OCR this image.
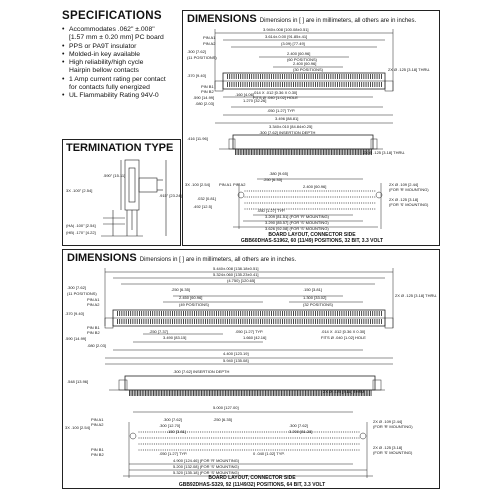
SPECIFICATIONS
• Accommodates .062" ±.008"
[1.57 mm ± 0.20 mm] PC board
• PPS or PA9T insulator
• Molded-in key available
• High reliability/high cycle
Hairpin bellow contacts
• 1 Amp current rating per contact
for contacts fully energized
• UL Flammability Rating 94V-0
TERMINATION TYPE
.590" [15.11]
.915" [23.24]
3X .100" [2.54]
(HA) .100" [2.54]
(HB) .170" [4.22]
DIMENSIONS Dimensions in [ ] are in millimeters, all others are in inches.
3.940±.008 [100.08±0.51]
3.614±.0.00 [91.85±.41]
(3.09) [77.49]
2.400 [60.96]
(60 POSITIONS)
2.400 [60.96]
(30 POSITIONS)
PIN A1
PIN A2
.300 [7.62]
(11 POSITIONS)
.370 [9.40]
PIN B1
PIN B2
.590 [14.99]
.080 [2.03]
.160 [4.06]
1.270 [32.26]
.014 X .012 [0.36 X 0.30]
FITS Ø .040 [1.02] HOLE
.050 [1.27] TYP.
3.496 [88.81]
2X Ø .125 [3.18] THRU.
3.340±.010 [84.84±0.25]
.300 [7.62] INSERTION DEPTH
.416 [11.96]
2X Ø .125 [3.18] THRU.
.380 [9.65]
.250 [6.35]
3X .100 [2.54] PIN A1 PIN A2	2.400 [60.96]	2X Ø .109 [2.44]
(FOR 'R' MOUNTING)
2X Ø .125 [3.18]
(FOR 'S' MOUNTING)
.032 [0.81]
.492 [12.5]
.050 [1.27] TYP.
3.209 [81.51] (FOR 'R' MOUNTING)
3.290 [85.57] (FOR 'S' MOUNTING)
3.626 [92.08] (FOR 'S' MOUNTING)
BOARD LAYOUT, CONNECTOR SIDE
GBB60DHAS-S1962, 60 (11/49) POSITIONS, 32 BIT, 3.3 VOLT
DIMENSIONS Dimensions in [ ] are in millimeters, all others are in inches.
5.440±.008 [138.18±0.51]
5.324±.060 [135.23±0.41]
(4.750) [120.65]
.300 [7.62]
(11 POSITIONS)
.250 [6.35]
2.450 [60.96]
(49 POSITIONS)
.150 [3.81]
1.300 [33.02]
(32 POSITIONS)
2X Ø .125 [3.18] THRU.
PIN A1
PIN A2
.370 [9.40]
PIN B1
PIN B2
.590 [14.99]
.080 [2.03]
.250 [7.37]
3.490 [83.15]
.050 [1.27] TYP.
1.660 [42.16]
.014 X .012 [0.36 X 0.30]
FITS Ø .040 [1.02] HOLE
4.400 [123.19]
5.940 [135.08]
.300 [7.62] INSERTION DEPTH
.548 [13.96]
2X Ø .125 [3.18] THRU.
5.000 [127.00]
.300 [7.62]
.300 [12.70]
.150 [3.81]
3X .100 [2.54]
PIN A1
PIN A2
.250 [6.35]	2X Ø .109 [2.44]
(FOR 'R' MOUNTING)
.300 [7.62]
3.200 [81.28]
2X Ø .125 [3.18]
(FOR 'S' MOUNTING)
PIN B1
PIN B2	.050 [1.27] TYP.	0 .040 [1.02] TYP.
4.900 [124.46] (FOR 'R' MOUNTING)
5.200 [132.08] (FOR 'S' MOUNTING)
5.320 [135.18] (FOR 'S' MOUNTING)
BOARD LAYOUT, CONNECTOR SIDE
GBB92DHAS-S329, 92 (11/49/32) POSITIONS, 64 BIT, 3.3 VOLT
